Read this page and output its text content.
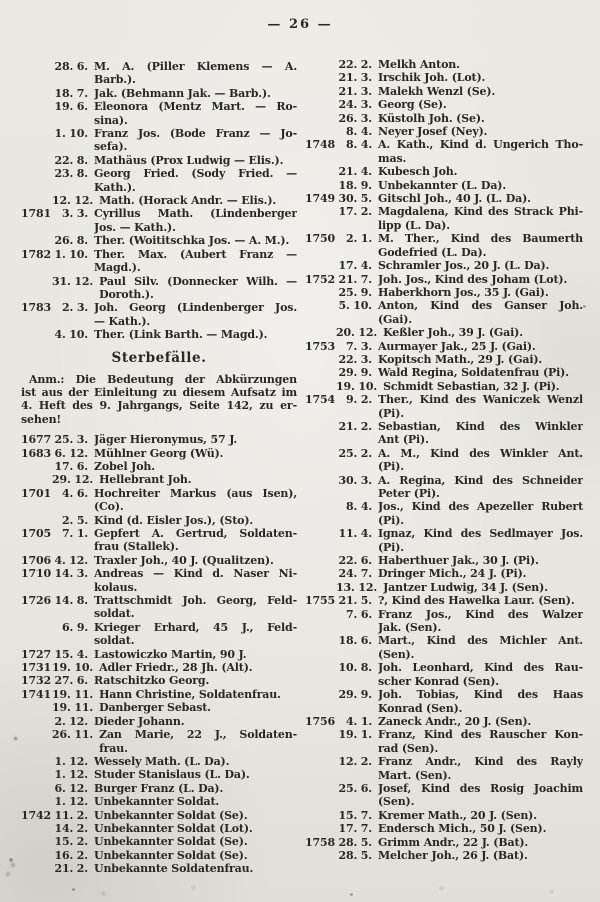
— 26 —
28. 6. M. A. (Piller Klemens — A.
Barb.).
18. 7. Jak. (Behmann Jak. — Barb.).
19. 6. Eleonora (Mentz Mart. — Ro-
sina).
1. 10. Franz Jos. (Bode Franz — Jo-
sefa).
22. 8. Mathäus (Prox Ludwig — Elis.).
23. 8. Georg Fried. (Sody Fried. —
Kath.).
12. 12. Math. (Horack Andr. — Elis.).
1781 3. 3. Cyrillus Math. (Lindenberger
Jos. — Kath.).
26. 8. Ther. (Woititschka Jos. — A. M.).
1782 1. 10. Ther. Max. (Aubert Franz —
Magd.).
31. 12. Paul Silv. (Donnecker Wilh. —
Doroth.).
1783 2. 3. Joh. Georg (Lindenberger Jos.
— Kath.).
4. 10. Ther. (Link Barth. — Magd.).
Sterbefälle.
Anm.: Die Bedeutung der Abkürzungen
ist aus der Einleitung zu diesem Aufsatz im
4. Heft des 9. Jahrgangs, Seite 142, zu er-
sehen!
1677 25. 3. Jäger Hieronymus, 57 J.
1683 6. 12. Mühlner Georg (Wü).
17. 6. Zobel Joh.
29. 12. Hellebrant Joh.
1701 4. 6. Hochreiter Markus (aus Isen),
(Co).
2. 5. Kind (d. Eisler Jos.), (Sto).
1705 7. 1. Gepfert A. Gertrud, Soldaten-
frau (Stallek).
1706 4. 12. Traxler Joh., 40 J. (Qualitzen).
1710 14. 3. Andreas — Kind d. Naser Ni-
kolaus.
1726 14. 8. Trattschmidt Joh. Georg, Feld-
soldat.
6. 9. Krieger Erhard, 45 J., Feld-
soldat.
1727 15. 4. Lastowiczko Martin, 90 J.
1731 19. 10. Adler Friedr., 28 Jh. (Alt).
1732 27. 6. Ratschitzko Georg.
1741 19. 11. Hann Christine, Soldatenfrau.
19. 11. Danberger Sebast.
2. 12. Dieder Johann.
26. 11. Zan Marie, 22 J., Soldaten-
frau.
1. 12. Wessely Math. (L. Da).
1. 12. Studer Stanislaus (L. Da).
6. 12. Burger Franz (L. Da).
1. 12. Unbekannter Soldat.
1742 11. 2. Unbekannter Soldat (Se).
14. 2. Unbekannter Soldat (Lot).
15. 2. Unbekannter Soldat (Se).
16. 2. Unbekannter Soldat (Se).
21. 2. Unbekannte Soldatenfrau.
22. 2. Melkh Anton.
21. 3. Irschik Joh. (Lot).
21. 3. Malekh Wenzl (Se).
24. 3. Georg (Se).
26. 3. Küstolh Joh. (Se).
8. 4. Neyer Josef (Ney).
1748 8. 4. A. Kath., Kind d. Ungerich Tho-
mas.
21. 4. Kubesch Joh.
18. 9. Unbekannter (L. Da).
1749 30. 5. Gitschl Joh., 40 J. (L. Da).
17. 2. Magdalena, Kind des Strack Phi-
lipp (L. Da).
1750 2. 1. M. Ther., Kind des Baumerth
Godefried (L. Da).
17. 4. Schramler Jos., 20 J. (L. Da).
1752 21. 7. Joh. Jos., Kind des Joham (Lot).
25. 9. Haberkhorn Jos., 35 J. (Gai).
5. 10. Anton, Kind des Ganser Joh.
(Gai).
20. 12. Keßler Joh., 39 J. (Gai).
1753 7. 3. Aurmayer Jak., 25 J. (Gai).
22. 3. Kopitsch Math., 29 J. (Gai).
29. 9. Wald Regina, Soldatenfrau (Pi).
19. 10. Schmidt Sebastian, 32 J. (Pi).
1754 9. 2. Ther., Kind des Waniczek Wenzl
(Pi).
21. 2. Sebastian, Kind des Winkler
Ant (Pi).
25. 2. A. M., Kind des Winkler Ant.
(Pi).
30. 3. A. Regina, Kind des Schneider
Peter (Pi).
8. 4. Jos., Kind des Apezeller Rubert
(Pi).
11. 4. Ignaz, Kind des Sedlmayer Jos.
(Pi).
22. 6. Haberthuer Jak., 30 J. (Pi).
24. 7. Dringer Mich., 24 J. (Pi).
13. 12. Jantzer Ludwig, 34 J. (Sen).
1755 21. 5. ?, Kind des Hawelka Laur. (Sen).
7. 6. Franz Jos., Kind des Walzer
Jak. (Sen).
18. 6. Mart., Kind des Michler Ant.
(Sen).
10. 8. Joh. Leonhard, Kind des Rau-
scher Konrad (Sen).
29. 9. Joh. Tobias, Kind des Haas
Konrad (Sen).
1756 4. 1. Zaneck Andr., 20 J. (Sen).
19. 1. Franz, Kind des Rauscher Kon-
rad (Sen).
12. 2. Franz Andr., Kind des Rayly
Mart. (Sen).
25. 6. Josef, Kind des Rosig Joachim
(Sen).
15. 7. Kremer Math., 20 J. (Sen).
17. 7. Endersch Mich., 50 J. (Sen).
1758 28. 5. Grimm Andr., 22 J. (Bat).
28. 5. Melcher Joh., 26 J. (Bat).
